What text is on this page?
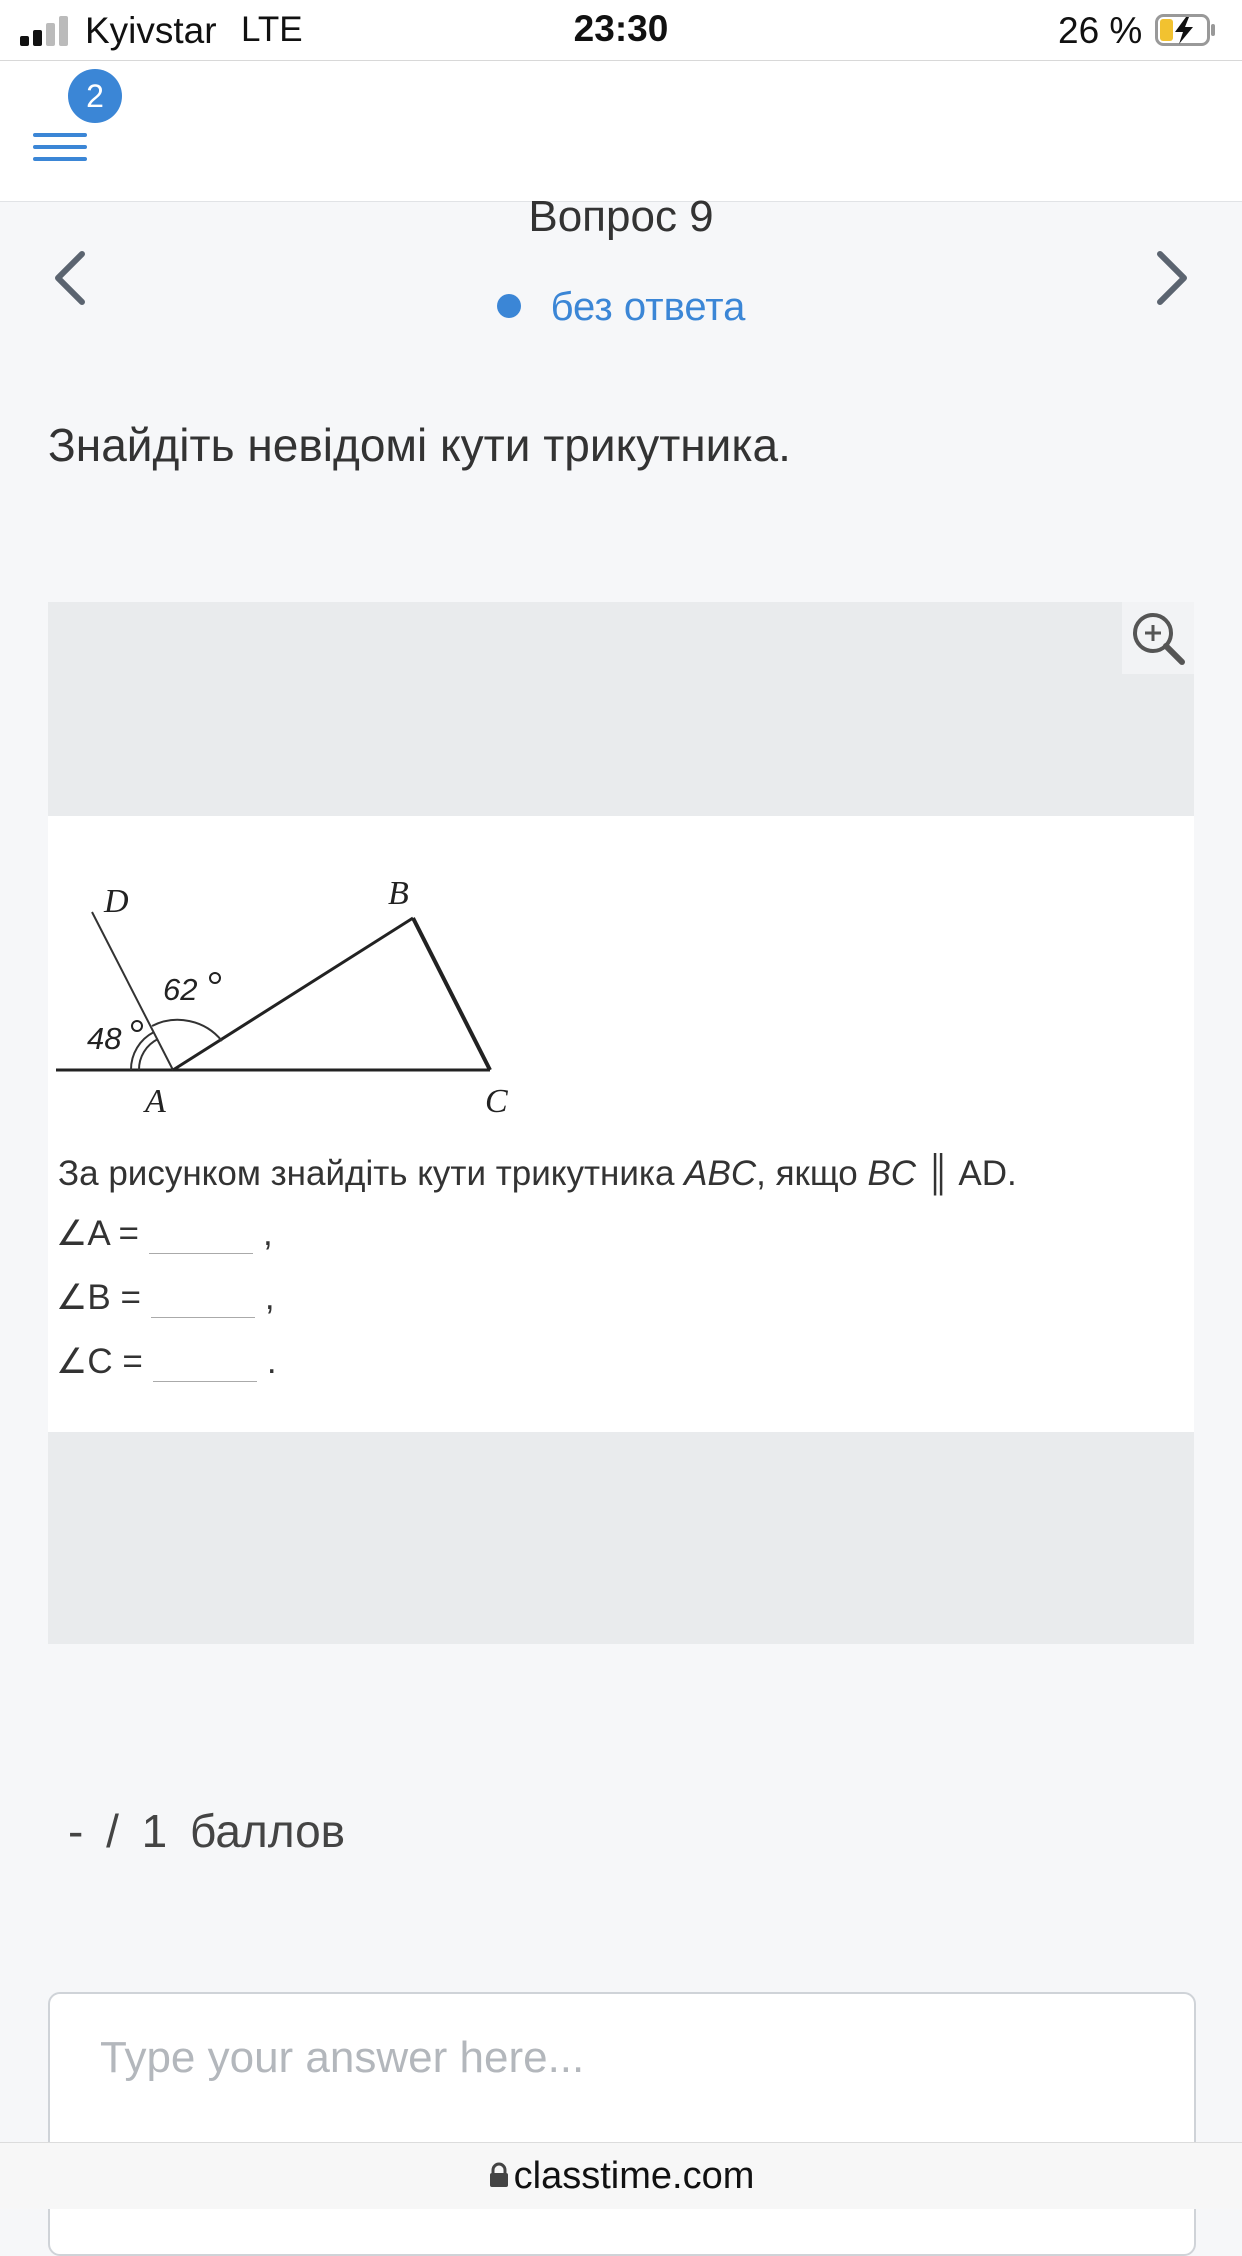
Kyivstar LTE	23:30	26 %
2
Вопрос 9
без ответа
Знайдіть невідомі кути трикутника.
D	B
A	C
62
48
За рисунком знайдіть кути трикутника ABC, якщо BC ║ AD.
∠A =	,
∠B =	,
∠C =	.
- / 1 баллов
Type your answer here...
classtime.com
